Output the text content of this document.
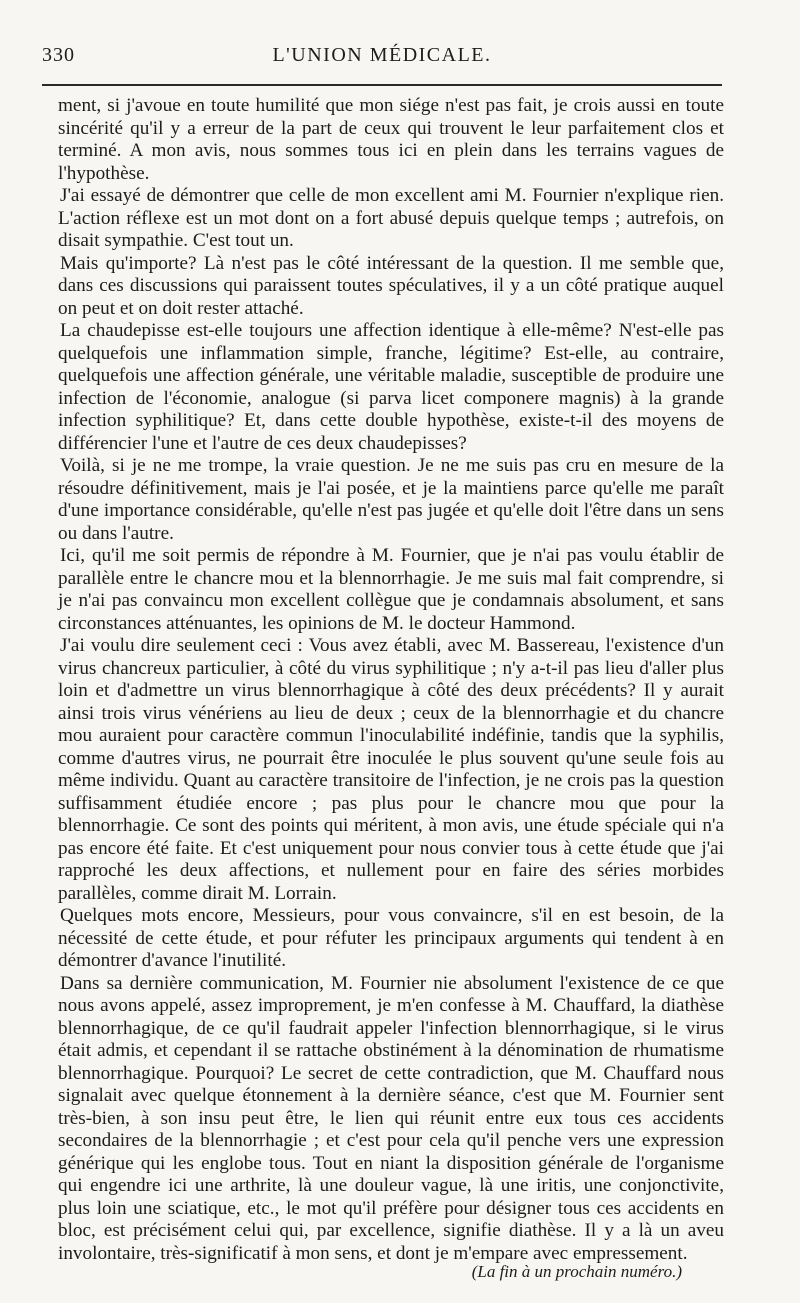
330	L'UNION MÉDICALE.

ment, si j'avoue en toute humilité que mon siége n'est pas fait, je crois aussi en toute sincérité qu'il y a erreur de la part de ceux qui trouvent le leur parfaitement clos et terminé. A mon avis, nous sommes tous ici en plein dans les terrains vagues de l'hypothèse.

J'ai essayé de démontrer que celle de mon excellent ami M. Fournier n'explique rien. L'action réflexe est un mot dont on a fort abusé depuis quelque temps ; autrefois, on disait sympathie. C'est tout un.

Mais qu'importe? Là n'est pas le côté intéressant de la question. Il me semble que, dans ces discussions qui paraissent toutes spéculatives, il y a un côté pratique auquel on peut et on doit rester attaché.

La chaudepisse est-elle toujours une affection identique à elle-même? N'est-elle pas quelquefois une inflammation simple, franche, légitime? Est-elle, au contraire, quelquefois une affection générale, une véritable maladie, susceptible de produire une infection de l'économie, analogue (si parva licet componere magnis) à la grande infection syphilitique? Et, dans cette double hypothèse, existe-t-il des moyens de différencier l'une et l'autre de ces deux chaudepisses?

Voilà, si je ne me trompe, la vraie question. Je ne me suis pas cru en mesure de la résoudre définitivement, mais je l'ai posée, et je la maintiens parce qu'elle me paraît d'une importance considérable, qu'elle n'est pas jugée et qu'elle doit l'être dans un sens ou dans l'autre.

Ici, qu'il me soit permis de répondre à M. Fournier, que je n'ai pas voulu établir de parallèle entre le chancre mou et la blennorrhagie. Je me suis mal fait comprendre, si je n'ai pas convaincu mon excellent collègue que je condamnais absolument, et sans circonstances atténuantes, les opinions de M. le docteur Hammond.

J'ai voulu dire seulement ceci : Vous avez établi, avec M. Bassereau, l'existence d'un virus chancreux particulier, à côté du virus syphilitique ; n'y a-t-il pas lieu d'aller plus loin et d'admettre un virus blennorrhagique à côté des deux précédents? Il y aurait ainsi trois virus vénériens au lieu de deux ; ceux de la blennorrhagie et du chancre mou auraient pour caractère commun l'inoculabilité indéfinie, tandis que la syphilis, comme d'autres virus, ne pourrait être inoculée le plus souvent qu'une seule fois au même individu. Quant au caractère transitoire de l'infection, je ne crois pas la question suffisamment étudiée encore ; pas plus pour le chancre mou que pour la blennorrhagie. Ce sont des points qui méritent, à mon avis, une étude spéciale qui n'a pas encore été faite. Et c'est uniquement pour nous convier tous à cette étude que j'ai rapproché les deux affections, et nullement pour en faire des séries morbides parallèles, comme dirait M. Lorrain.

Quelques mots encore, Messieurs, pour vous convaincre, s'il en est besoin, de la nécessité de cette étude, et pour réfuter les principaux arguments qui tendent à en démontrer d'avance l'inutilité.

Dans sa dernière communication, M. Fournier nie absolument l'existence de ce que nous avons appelé, assez improprement, je m'en confesse à M. Chauffard, la diathèse blennorrhagique, de ce qu'il faudrait appeler l'infection blennorrhagique, si le virus était admis, et cependant il se rattache obstinément à la dénomination de rhumatisme blennorrhagique. Pourquoi? Le secret de cette contradiction, que M. Chauffard nous signalait avec quelque étonnement à la dernière séance, c'est que M. Fournier sent très-bien, à son insu peut être, le lien qui réunit entre eux tous ces accidents secondaires de la blennorrhagie ; et c'est pour cela qu'il penche vers une expression générique qui les englobe tous. Tout en niant la disposition générale de l'organisme qui engendre ici une arthrite, là une douleur vague, là une iritis, une conjonctivite, plus loin une sciatique, etc., le mot qu'il préfère pour désigner tous ces accidents en bloc, est précisément celui qui, par excellence, signifie diathèse. Il y a là un aveu involontaire, très-significatif à mon sens, et dont je m'empare avec empressement.

(La fin à un prochain numéro.)
